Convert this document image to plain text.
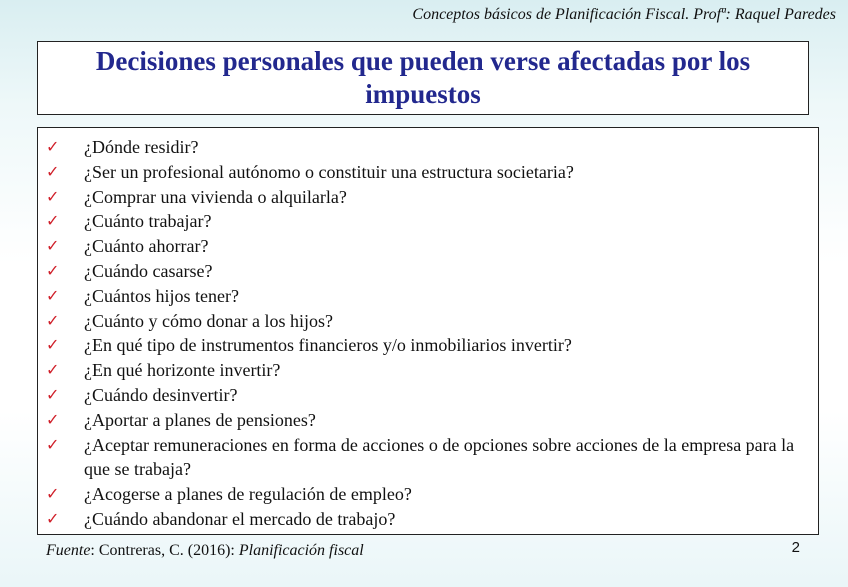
Conceptos básicos de Planificación Fiscal. Profª: Raquel Paredes
Decisiones personales que pueden verse afectadas por los impuestos
✓ ¿Dónde residir?
✓ ¿Ser un profesional autónomo o constituir una estructura societaria?
✓ ¿Comprar una vivienda o alquilarla?
✓ ¿Cuánto trabajar?
✓ ¿Cuánto ahorrar?
✓ ¿Cuándo casarse?
✓ ¿Cuántos hijos tener?
✓ ¿Cuánto y cómo donar a los hijos?
✓ ¿En qué tipo de instrumentos financieros y/o inmobiliarios invertir?
✓ ¿En qué horizonte invertir?
✓ ¿Cuándo desinvertir?
✓ ¿Aportar a planes de pensiones?
✓ ¿Aceptar remuneraciones en forma de acciones o de opciones sobre acciones de la empresa para la que se trabaja?
✓ ¿Acogerse a planes de regulación de empleo?
✓ ¿Cuándo abandonar el mercado de trabajo?
Fuente: Contreras, C. (2016): Planificación fiscal	2
